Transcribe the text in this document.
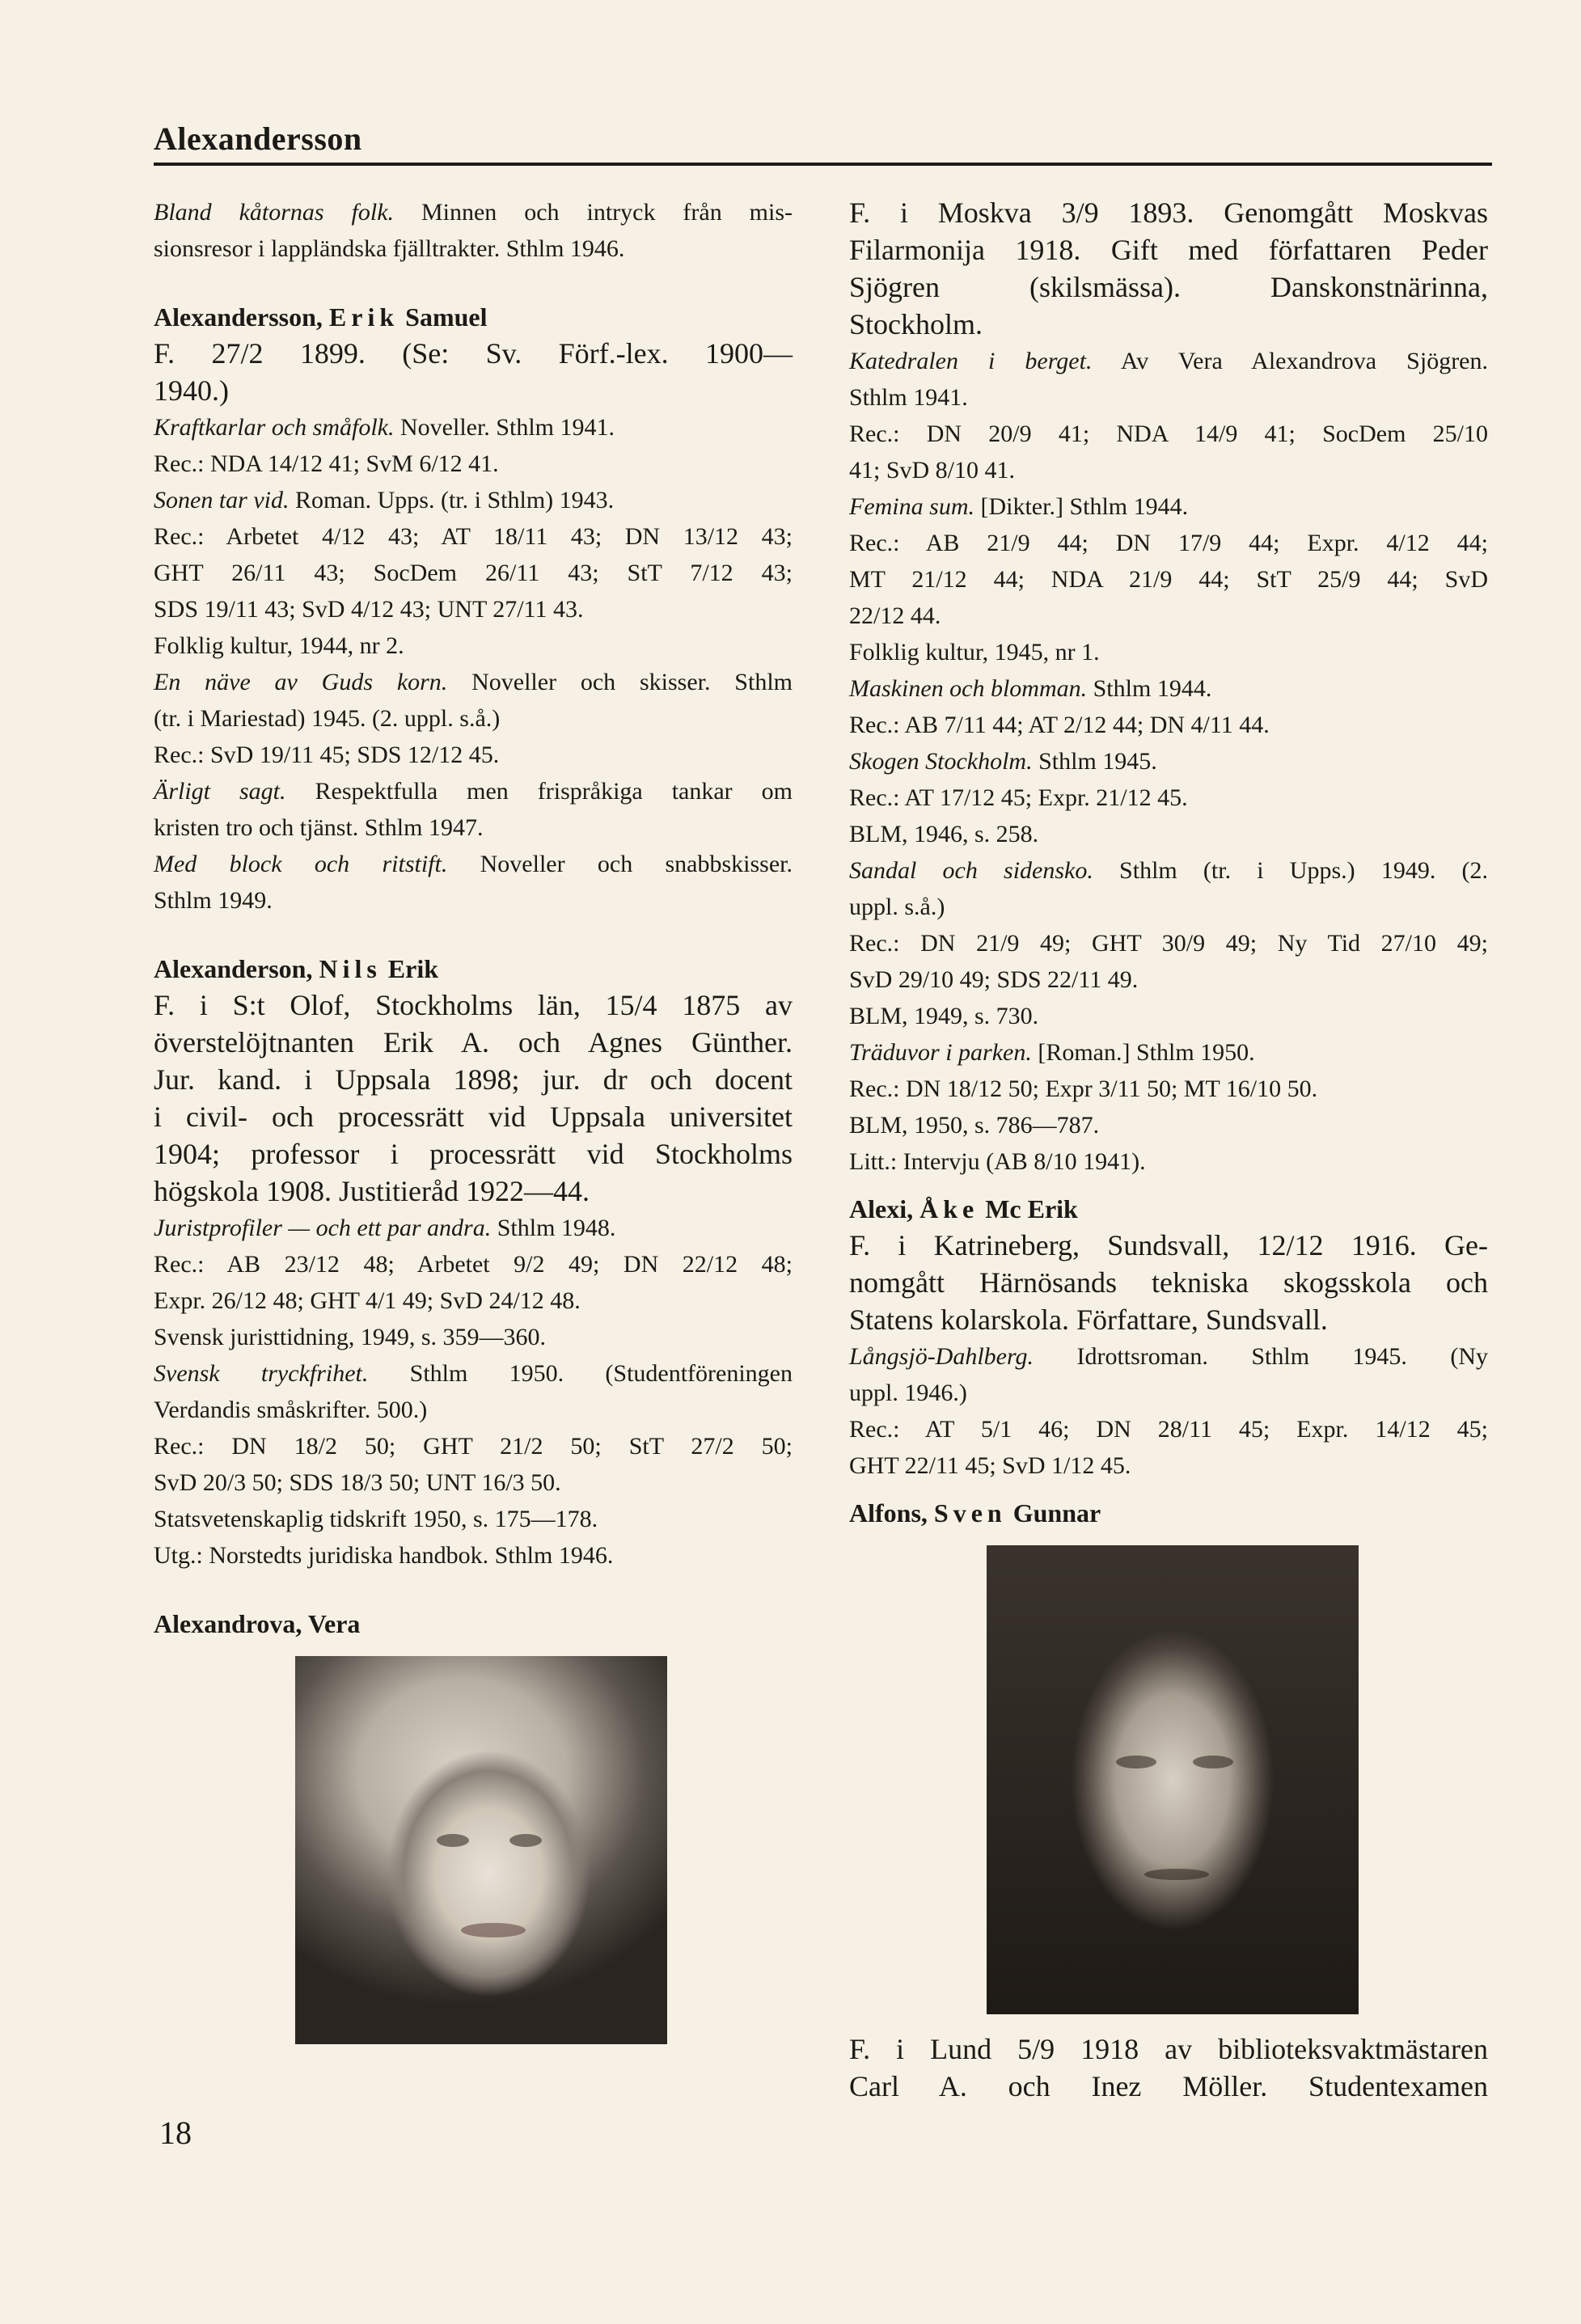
Alexandersson
Bland kåtornas folk. Minnen och intryck från mis-
sionsresor i lappländska fjälltrakter. Sthlm 1946.
Alexandersson, Erik Samuel
F. 27/2 1899. (Se: Sv. Förf.-lex. 1900—
1940.)
Kraftkarlar och småfolk. Noveller. Sthlm 1941.
Rec.: NDA 14/12 41; SvM 6/12 41.
Sonen tar vid. Roman. Upps. (tr. i Sthlm) 1943.
Rec.: Arbetet 4/12 43; AT 18/11 43; DN 13/12 43;
GHT 26/11 43; SocDem 26/11 43; StT 7/12 43;
SDS 19/11 43; SvD 4/12 43; UNT 27/11 43.
Folklig kultur, 1944, nr 2.
En näve av Guds korn. Noveller och skisser. Sthlm
(tr. i Mariestad) 1945. (2. uppl. s.å.)
Rec.: SvD 19/11 45; SDS 12/12 45.
Ärligt sagt. Respektfulla men frispråkiga tankar om
kristen tro och tjänst. Sthlm 1947.
Med block och ritstift. Noveller och snabbskisser.
Sthlm 1949.
Alexanderson, Nils Erik
F. i S:t Olof, Stockholms län, 15/4 1875 av
överstelöjtnanten Erik A. och Agnes Günther.
Jur. kand. i Uppsala 1898; jur. dr och docent
i civil- och processrätt vid Uppsala universitet
1904; professor i processrätt vid Stockholms
högskola 1908. Justitieråd 1922—44.
Juristprofiler — och ett par andra. Sthlm 1948.
Rec.: AB 23/12 48; Arbetet 9/2 49; DN 22/12 48;
Expr. 26/12 48; GHT 4/1 49; SvD 24/12 48.
Svensk juristtidning, 1949, s. 359—360.
Svensk tryckfrihet. Sthlm 1950. (Studentföreningen
Verdandis småskrifter. 500.)
Rec.: DN 18/2 50; GHT 21/2 50; StT 27/2 50;
SvD 20/3 50; SDS 18/3 50; UNT 16/3 50.
Statsvetenskaplig tidskrift 1950, s. 175—178.
Utg.: Norstedts juridiska handbok. Sthlm 1946.
Alexandrova, Vera
F. i Moskva 3/9 1893. Genomgått Moskvas
Filarmonija 1918. Gift med författaren Peder
Sjögren (skilsmässa). Danskonstnärinna,
Stockholm.
Katedralen i berget. Av Vera Alexandrova Sjögren.
Sthlm 1941.
Rec.: DN 20/9 41; NDA 14/9 41; SocDem 25/10
41; SvD 8/10 41.
Femina sum. [Dikter.] Sthlm 1944.
Rec.: AB 21/9 44; DN 17/9 44; Expr. 4/12 44;
MT 21/12 44; NDA 21/9 44; StT 25/9 44; SvD
22/12 44.
Folklig kultur, 1945, nr 1.
Maskinen och blomman. Sthlm 1944.
Rec.: AB 7/11 44; AT 2/12 44; DN 4/11 44.
Skogen Stockholm. Sthlm 1945.
Rec.: AT 17/12 45; Expr. 21/12 45.
BLM, 1946, s. 258.
Sandal och sidensko. Sthlm (tr. i Upps.) 1949. (2.
uppl. s.å.)
Rec.: DN 21/9 49; GHT 30/9 49; Ny Tid 27/10 49;
SvD 29/10 49; SDS 22/11 49.
BLM, 1949, s. 730.
Träduvor i parken. [Roman.] Sthlm 1950.
Rec.: DN 18/12 50; Expr 3/11 50; MT 16/10 50.
BLM, 1950, s. 786—787.
Litt.: Intervju (AB 8/10 1941).
Alexi, Åke Mc Erik
F. i Katrineberg, Sundsvall, 12/12 1916. Ge-
nomgått Härnösands tekniska skogsskola och
Statens kolarskola. Författare, Sundsvall.
Långsjö-Dahlberg. Idrottsroman. Sthlm 1945. (Ny
uppl. 1946.)
Rec.: AT 5/1 46; DN 28/11 45; Expr. 14/12 45;
GHT 22/11 45; SvD 1/12 45.
Alfons, Sven Gunnar
F. i Lund 5/9 1918 av biblioteksvaktmästaren
Carl A. och Inez Möller. Studentexamen
18
